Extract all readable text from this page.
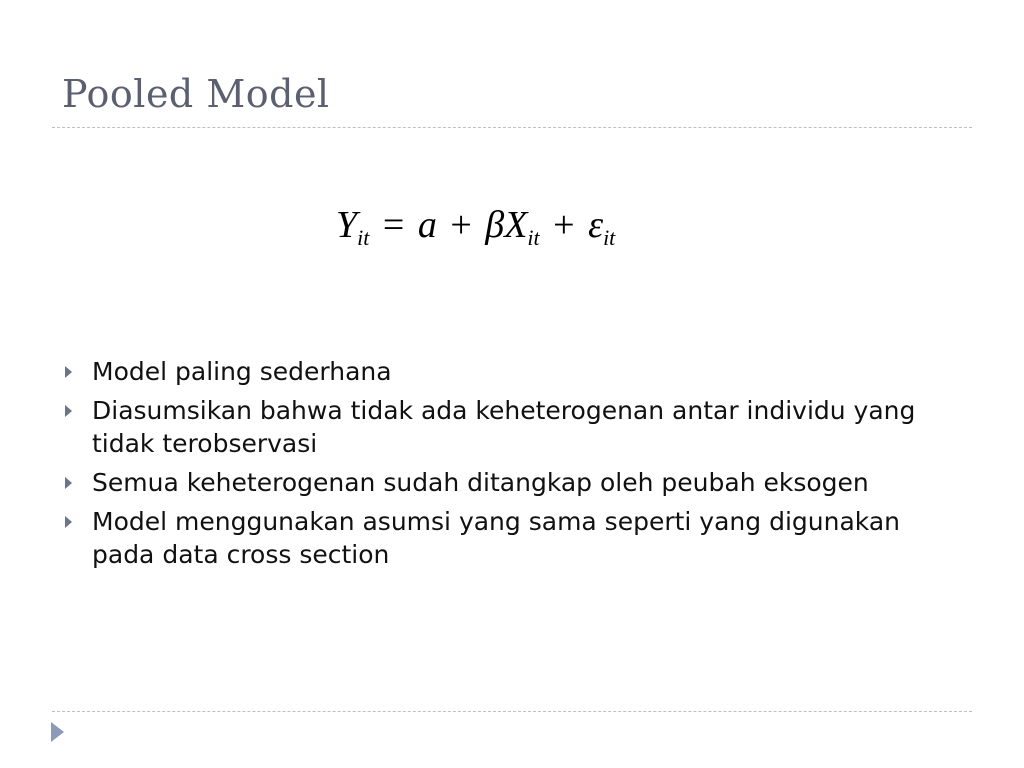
Pooled Model
$Y_{it} = a + \beta X_{it} + \varepsilon_{it}$
Model paling sederhana
Diasumsikan bahwa tidak ada keheterogenan antar individu yang tidak terobservasi
Semua keheterogenan sudah ditangkap oleh peubah eksogen
Model menggunakan asumsi yang sama seperti yang digunakan pada data cross section
